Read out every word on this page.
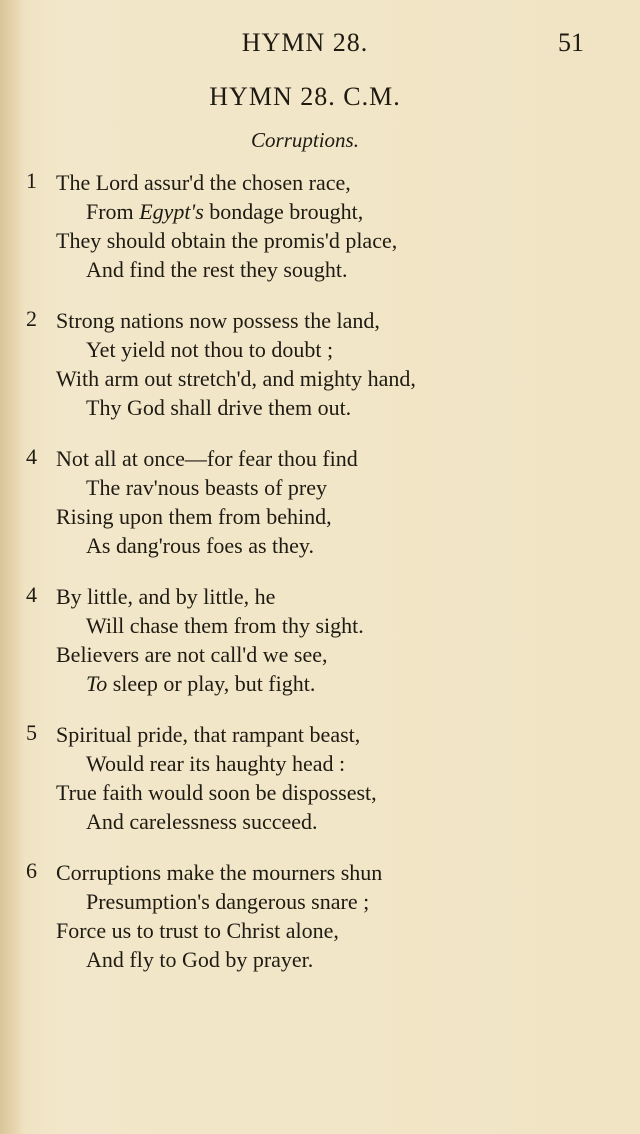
HYMN 28.	51
HYMN 28. C.M.
Corruptions.
1 The Lord assur'd the chosen race,
From Egypt's bondage brought,
They should obtain the promis'd place,
And find the rest they sought.
2 Strong nations now possess the land,
Yet yield not thou to doubt ;
With arm out stretch'd, and mighty hand,
Thy God shall drive them out.
4 Not all at once—for fear thou find
The rav'nous beasts of prey
Rising upon them from behind,
As dang'rous foes as they.
4 By little, and by little, he
Will chase them from thy sight.
Believers are not call'd we see,
To sleep or play, but fight.
5 Spiritual pride, that rampant beast,
Would rear its haughty head :
True faith would soon be dispossest,
And carelessness succeed.
6 Corruptions make the mourners shun
Presumption's dangerous snare ;
Force us to trust to Christ alone,
And fly to God by prayer.
